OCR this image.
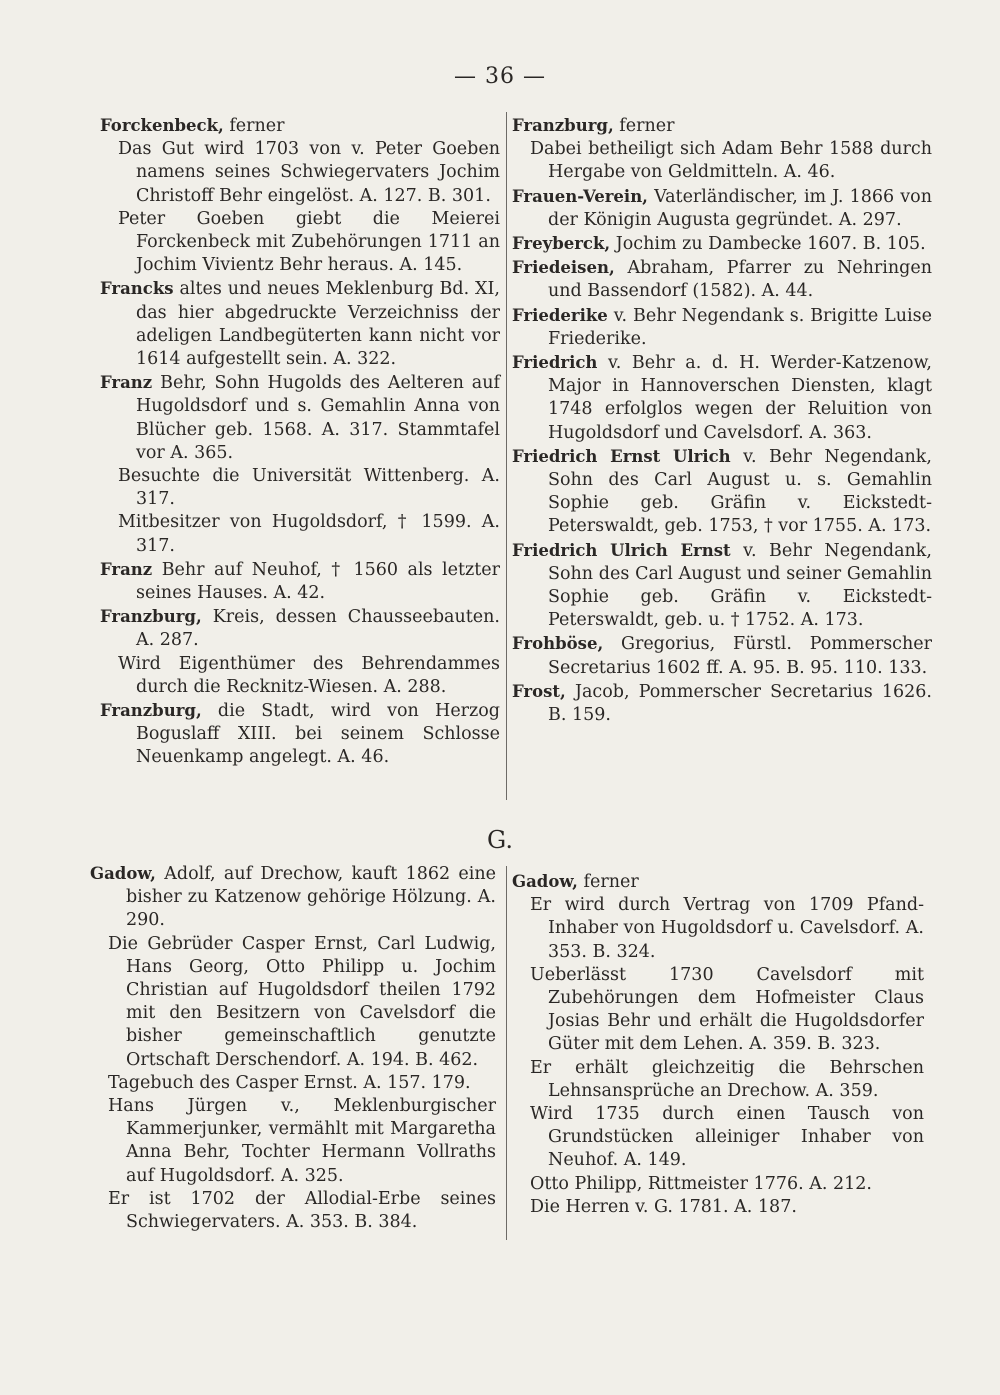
— 36 —

Forckenbeck, ferner

Das Gut wird 1703 von v. Peter Goeben namens seines Schwiegervaters Jochim Christoff Behr eingelöst. A. 127. B. 301.

Peter Goeben giebt die Meierei Forckenbeck mit Zubehörungen 1711 an Jochim Vivientz Behr heraus. A. 145.

Francks altes und neues Meklenburg Bd. XI, das hier abgedruckte Verzeichniss der adeligen Landbegüterten kann nicht vor 1614 aufgestellt sein. A. 322.

Franz Behr, Sohn Hugolds des Aelteren auf Hugoldsdorf und s. Gemahlin Anna von Blücher geb. 1568. A. 317. Stammtafel vor A. 365.

Besuchte die Universität Wittenberg. A. 317.

Mitbesitzer von Hugoldsdorf, † 1599. A. 317.

Franz Behr auf Neuhof, † 1560 als letzter seines Hauses. A. 42.

Franzburg, Kreis, dessen Chausseebauten. A. 287.

Wird Eigenthümer des Behrendammes durch die Recknitz-Wiesen. A. 288.

Franzburg, die Stadt, wird von Herzog Boguslaff XIII. bei seinem Schlosse Neuenkamp angelegt. A. 46.

Franzburg, ferner

Dabei betheiligt sich Adam Behr 1588 durch Hergabe von Geldmitteln. A. 46.

Frauen-Verein, Vaterländischer, im J. 1866 von der Königin Augusta gegründet. A. 297.

Freyberck, Jochim zu Dambecke 1607. B. 105.

Friedeisen, Abraham, Pfarrer zu Nehringen und Bassendorf (1582). A. 44.

Friederike v. Behr Negendank s. Brigitte Luise Friederike.

Friedrich v. Behr a. d. H. Werder-Katzenow, Major in Hannoverschen Diensten, klagt 1748 erfolglos wegen der Reluition von Hugoldsdorf und Cavelsdorf. A. 363.

Friedrich Ernst Ulrich v. Behr Negendank, Sohn des Carl August u. s. Gemahlin Sophie geb. Gräfin v. Eickstedt-Peterswaldt, geb. 1753, † vor 1755. A. 173.

Friedrich Ulrich Ernst v. Behr Negendank, Sohn des Carl August und seiner Gemahlin Sophie geb. Gräfin v. Eickstedt-Peterswaldt, geb. u. † 1752. A. 173.

Frohböse, Gregorius, Fürstl. Pommerscher Secretarius 1602 ff. A. 95. B. 95. 110. 133.

Frost, Jacob, Pommerscher Secretarius 1626. B. 159.

G.

Gadow, Adolf, auf Drechow, kauft 1862 eine bisher zu Katzenow gehörige Hölzung. A. 290.

Die Gebrüder Casper Ernst, Carl Ludwig, Hans Georg, Otto Philipp u. Jochim Christian auf Hugoldsdorf theilen 1792 mit den Besitzern von Cavelsdorf die bisher gemeinschaftlich genutzte Ortschaft Derschendorf. A. 194. B. 462.

Tagebuch des Casper Ernst. A. 157. 179.

Hans Jürgen v., Meklenburgischer Kammerjunker, vermählt mit Margaretha Anna Behr, Tochter Hermann Vollraths auf Hugoldsdorf. A. 325.

Er ist 1702 der Allodial-Erbe seines Schwiegervaters. A. 353. B. 384.

Gadow, ferner

Er wird durch Vertrag von 1709 Pfand-Inhaber von Hugoldsdorf u. Cavelsdorf. A. 353. B. 324.

Ueberlässt 1730 Cavelsdorf mit Zubehörungen dem Hofmeister Claus Josias Behr und erhält die Hugoldsdorfer Güter mit dem Lehen. A. 359. B. 323.

Er erhält gleichzeitig die Behrschen Lehnsansprüche an Drechow. A. 359.

Wird 1735 durch einen Tausch von Grundstücken alleiniger Inhaber von Neuhof. A. 149.

Otto Philipp, Rittmeister 1776. A. 212.

Die Herren v. G. 1781. A. 187.
